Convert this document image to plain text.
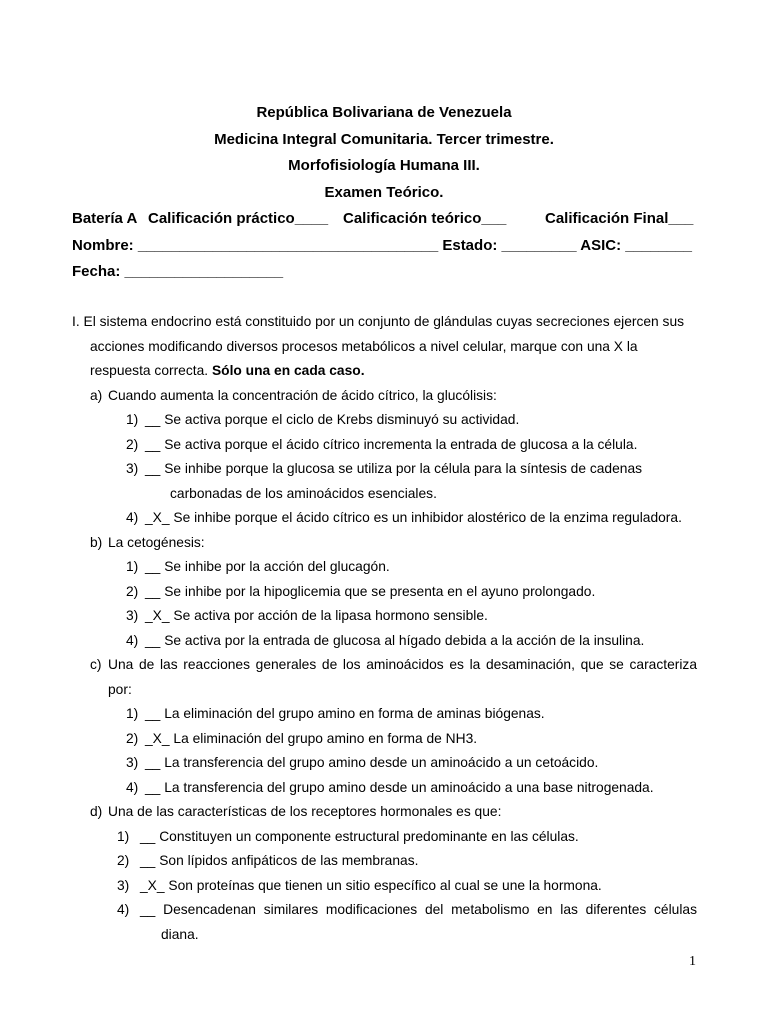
República Bolivariana de Venezuela
Medicina Integral Comunitaria. Tercer trimestre.
Morfofisiología Humana III.
Examen Teórico.
Batería A Calificación práctico____ Calificación teórico___	Calificación Final___
Nombre: ____________________________________ Estado: _________ ASIC: ________
Fecha: ___________________
I. El sistema endocrino está constituido por un conjunto de glándulas cuyas secreciones ejercen sus
acciones modificando diversos procesos metabólicos a nivel celular, marque con una X la
respuesta correcta. Sólo una en cada caso.
a) Cuando aumenta la concentración de ácido cítrico, la glucólisis:
1) __ Se activa porque el ciclo de Krebs disminuyó su actividad.
2) __ Se activa porque el ácido cítrico incrementa la entrada de glucosa a la célula.
3) __ Se inhibe porque la glucosa se utiliza por la célula para la síntesis de cadenas
carbonadas de los aminoácidos esenciales.
4) _X_ Se inhibe porque el ácido cítrico es un inhibidor alostérico de la enzima reguladora.
b) La cetogénesis:
1) __ Se inhibe por la acción del glucagón.
2) __ Se inhibe por la hipoglicemia que se presenta en el ayuno prolongado.
3) _X_ Se activa por acción de la lipasa hormono sensible.
4) __ Se activa por la entrada de glucosa al hígado debida a la acción de la insulina.
c) Una de las reacciones generales de los aminoácidos es la desaminación, que se caracteriza
por:
1) __ La eliminación del grupo amino en forma de aminas biógenas.
2) _X_ La eliminación del grupo amino en forma de NH3.
3) __ La transferencia del grupo amino desde un aminoácido a un cetoácido.
4) __ La transferencia del grupo amino desde un aminoácido a una base nitrogenada.
d) Una de las características de los receptores hormonales es que:
1) __ Constituyen un componente estructural predominante en las células.
2) __ Son lípidos anfipáticos de las membranas.
3) _X_ Son proteínas que tienen un sitio específico al cual se une la hormona.
4) __ Desencadenan similares modificaciones del metabolismo en las diferentes células
diana.
1
